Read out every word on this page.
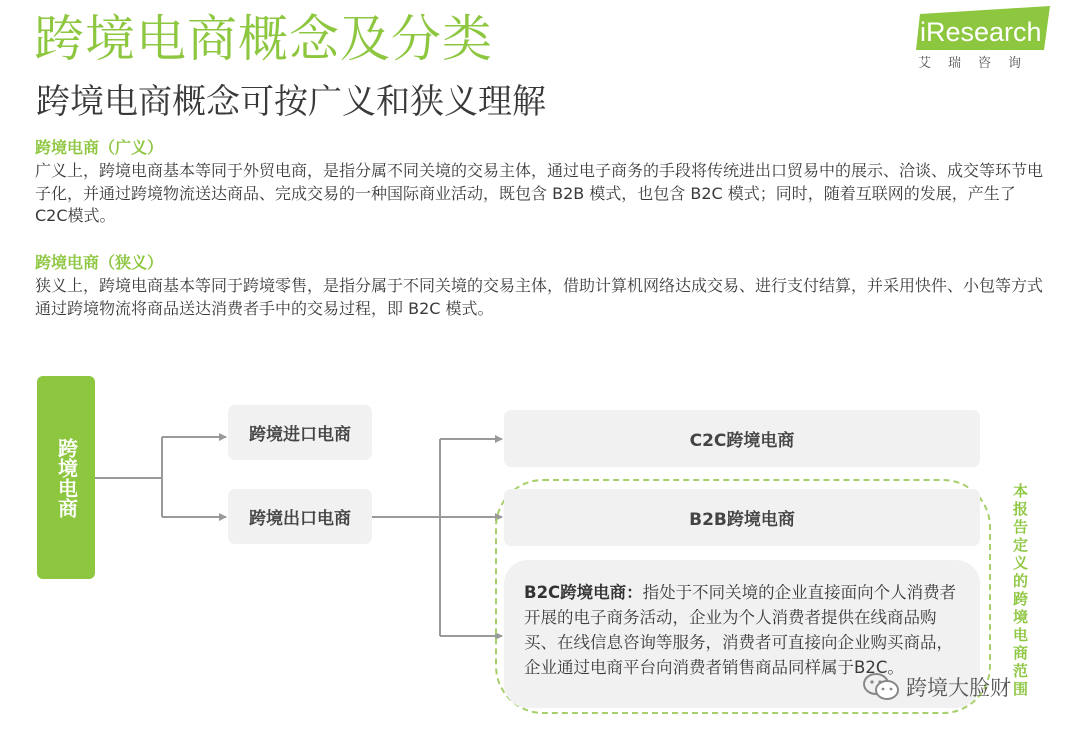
跨境电商概念及分类
跨境电商概念可按广义和狭义理解
iResearch
艾瑞咨询
跨境电商（广义）
广义上，跨境电商基本等同于外贸电商，是指分属不同关境的交易主体，通过电子商务的手段将传统进出口贸易中的展示、洽谈、成交等环节电子化，并通过跨境物流送达商品、完成交易的一种国际商业活动，既包含 B2B 模式，也包含 B2C 模式；同时，随着互联网的发展，产生了C2C模式。
跨境电商（狭义）
狭义上，跨境电商基本等同于跨境零售，是指分属于不同关境的交易主体，借助计算机网络达成交易、进行支付结算，并采用快件、小包等方式通过跨境物流将商品送达消费者手中的交易过程，即 B2C 模式。
跨境电商
跨境进口电商
跨境出口电商
C2C跨境电商
B2B跨境电商
B2C跨境电商：指处于不同关境的企业直接面向个人消费者开展的电子商务活动，企业为个人消费者提供在线商品购买、在线信息咨询等服务，消费者可直接向企业购买商品，企业通过电商平台向消费者销售商品同样属于B2C。	本报告定义的跨境电商范围
跨境大脸财
